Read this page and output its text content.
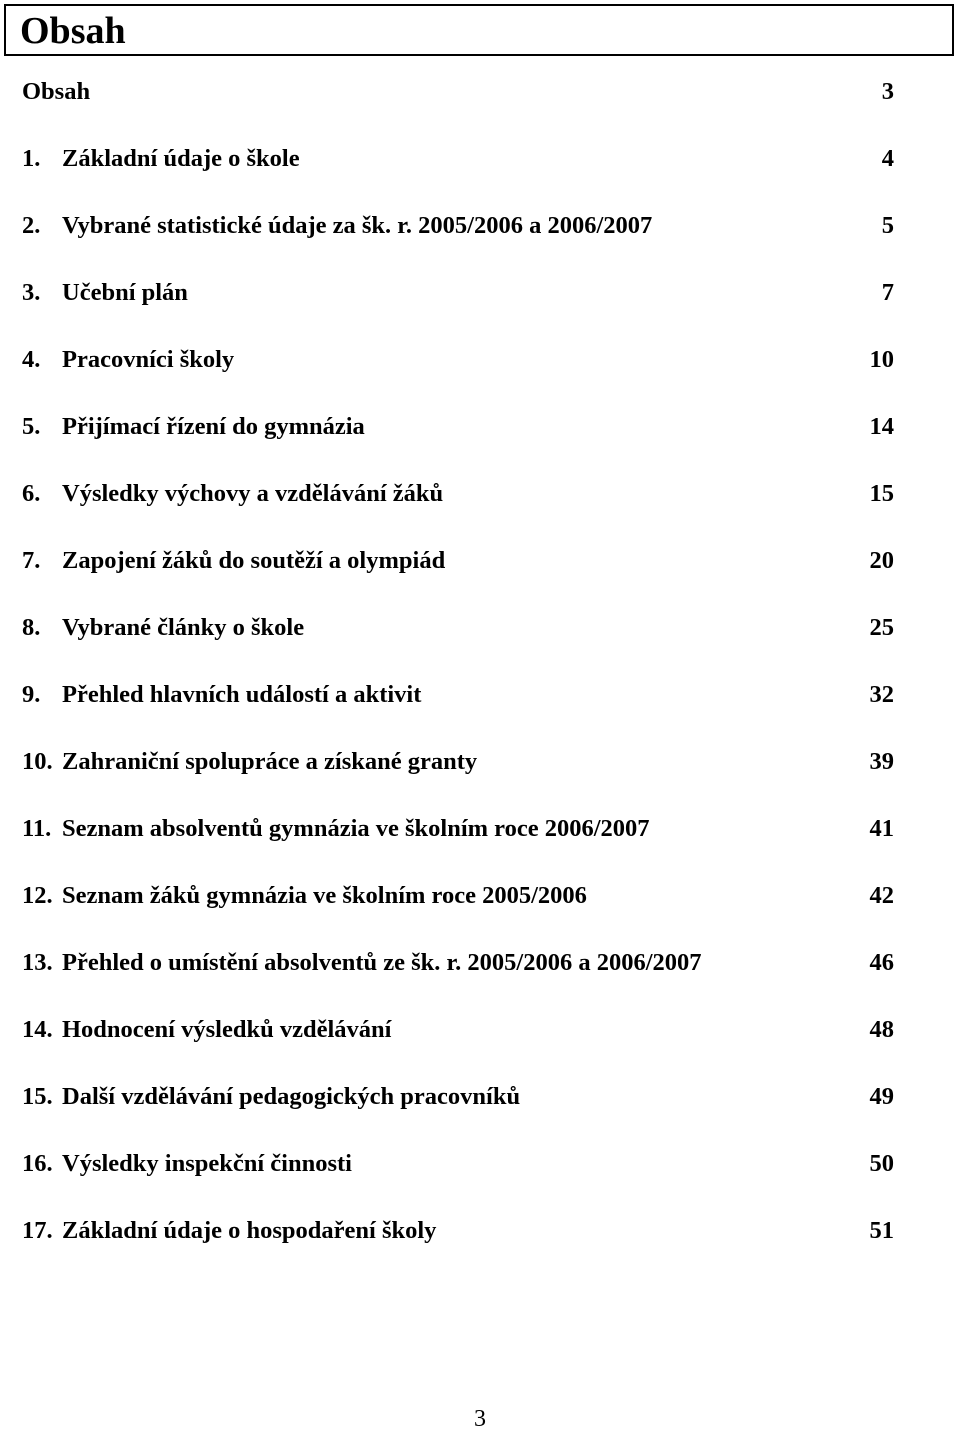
Obsah
Obsah	3
1. Základní údaje o škole	4
2. Vybrané statistické údaje za šk. r. 2005/2006 a 2006/2007	5
3. Učební plán	7
4. Pracovníci školy	10
5. Přijímací řízení do gymnázia	14
6. Výsledky výchovy a vzdělávání žáků	15
7. Zapojení žáků do soutěží a olympiád	20
8. Vybrané články o škole	25
9. Přehled hlavních událostí a aktivit	32
10. Zahraniční spolupráce a získané granty	39
11. Seznam absolventů gymnázia ve školním roce 2006/2007	41
12. Seznam žáků gymnázia ve školním roce 2005/2006	42
13. Přehled o umístění absolventů ze šk. r. 2005/2006 a 2006/2007	46
14. Hodnocení výsledků vzdělávání	48
15. Další vzdělávání pedagogických pracovníků	49
16. Výsledky inspekční činnosti	50
17. Základní údaje o hospodaření školy	51
3
